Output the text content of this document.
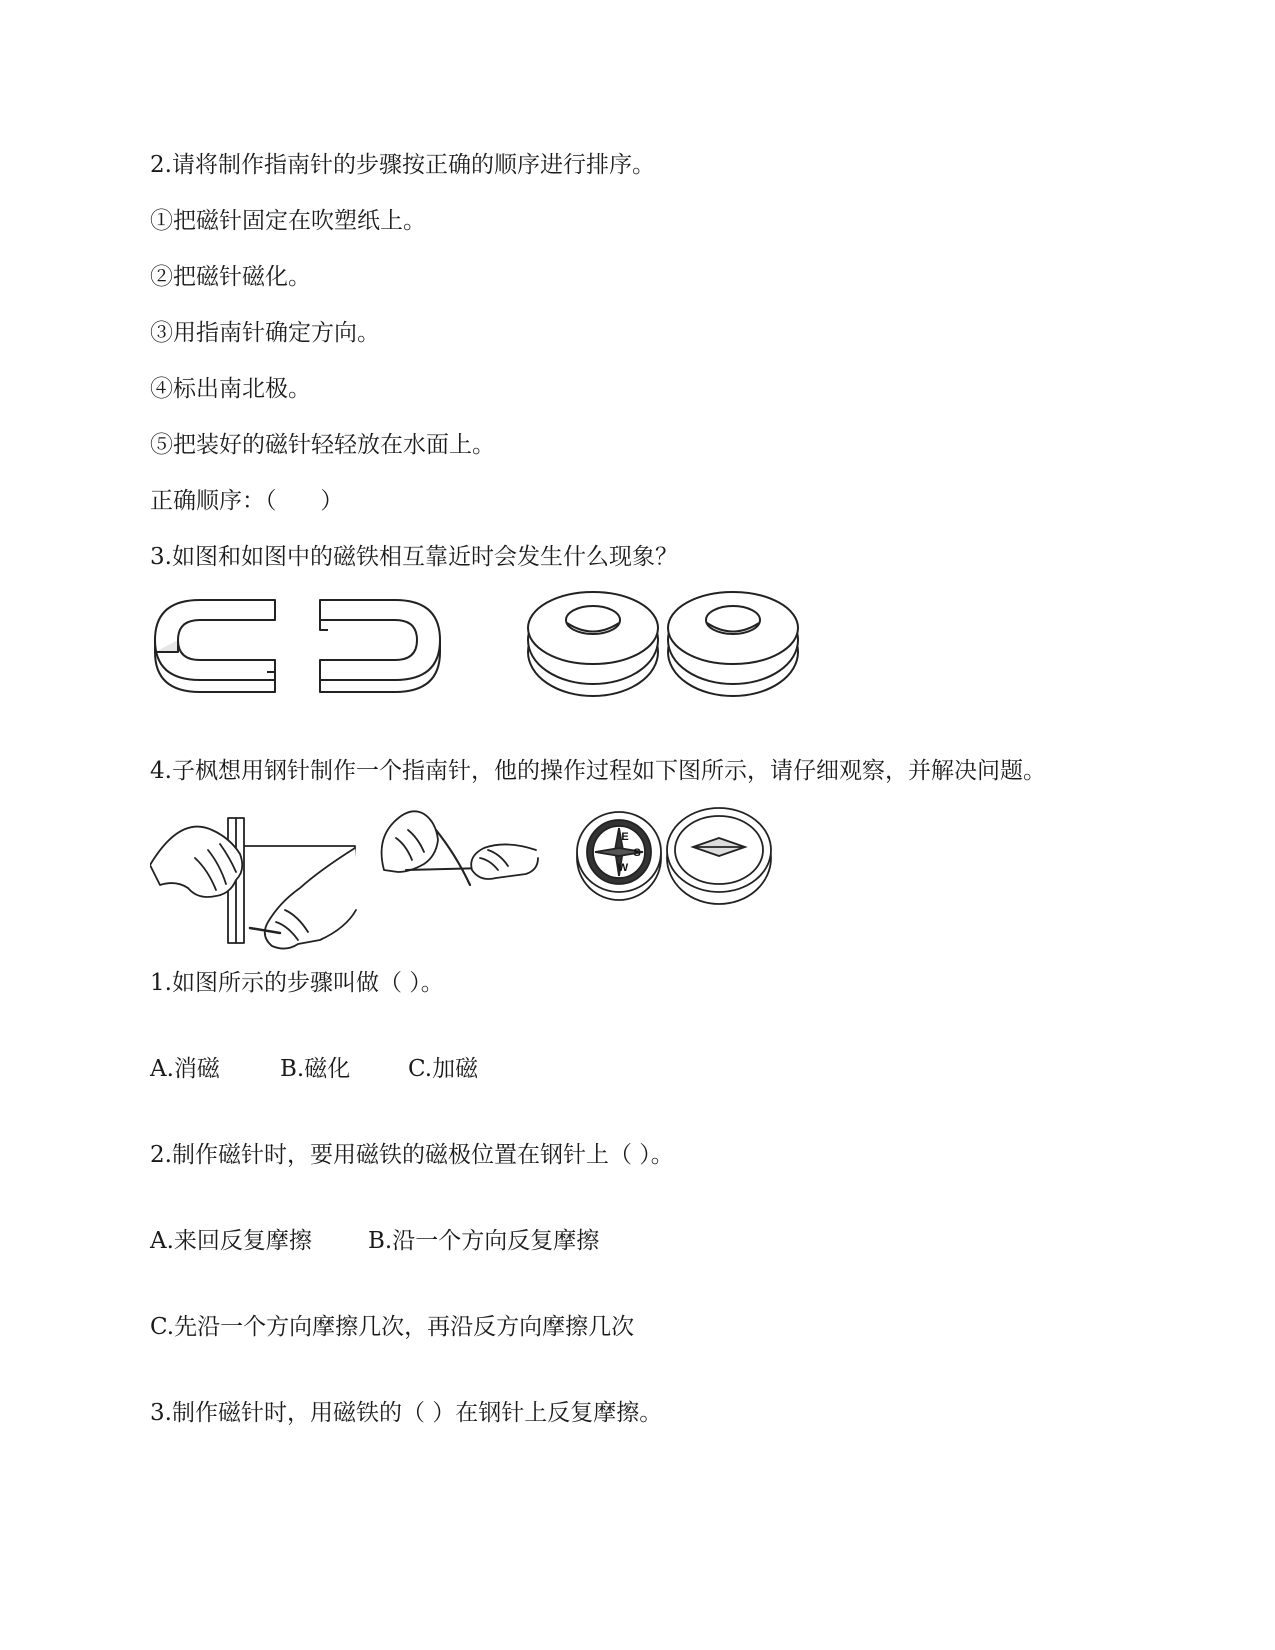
2.请将制作指南针的步骤按正确的顺序进行排序。
①把磁针固定在吹塑纸上。
②把磁针磁化。
③用指南针确定方向。
④标出南北极。
⑤把装好的磁针轻轻放在水面上。
正确顺序：（      ）
3.如图和如图中的磁铁相互靠近时会发生什么现象？
4.子枫想用钢针制作一个指南针，他的操作过程如下图所示，请仔细观察，并解决问题。
E
S
W
1.如图所示的步骤叫做（ ）。
A.消磁	B.磁化	C.加磁
2.制作磁针时，要用磁铁的磁极位置在钢针上（ ）。
A.来回反复摩擦 B.沿一个方向反复摩擦
C.先沿一个方向摩擦几次，再沿反方向摩擦几次
3.制作磁针时，用磁铁的（ ）在钢针上反复摩擦。
